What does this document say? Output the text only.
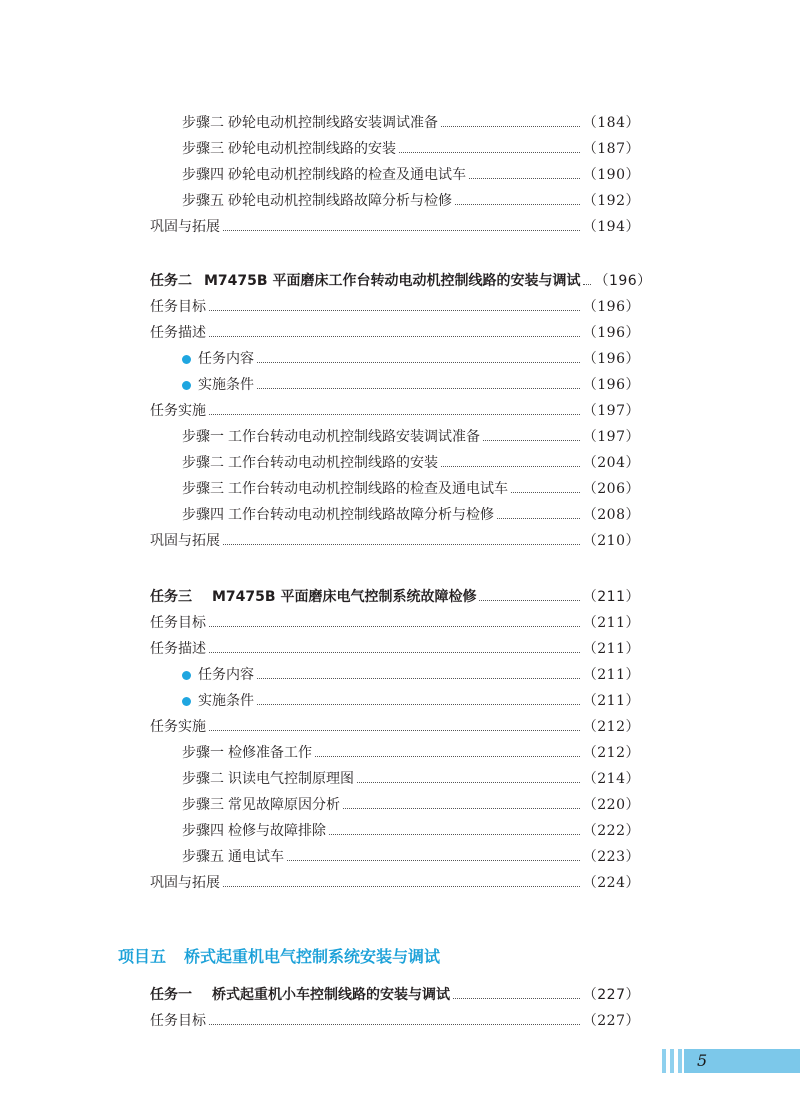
步骤二 砂轮电动机控制线路安装调试准备	（184）
步骤三 砂轮电动机控制线路的安装	（187）
步骤四 砂轮电动机控制线路的检查及通电试车	（190）
步骤五 砂轮电动机控制线路故障分析与检修	（192）
巩固与拓展	（194）
任务二 M7475B 平面磨床工作台转动电动机控制线路的安装与调试 （196）
任务目标	（196）
任务描述	（196）
任务内容	（196）
实施条件	（196）
任务实施	（197）
步骤一 工作台转动电动机控制线路安装调试准备	（197）
步骤二 工作台转动电动机控制线路的安装	（204）
步骤三 工作台转动电动机控制线路的检查及通电试车	（206）
步骤四 工作台转动电动机控制线路故障分析与检修	（208）
巩固与拓展	（210）
任务三	M7475B 平面磨床电气控制系统故障检修	（211）
任务目标	（211）
任务描述	（211）
任务内容	（211）
实施条件	（211）
任务实施	（212）
步骤一 检修准备工作	（212）
步骤二 识读电气控制原理图	（214）
步骤三 常见故障原因分析	（220）
步骤四 检修与故障排除	（222）
步骤五 通电试车	（223）
巩固与拓展	（224）
项目五 桥式起重机电气控制系统安装与调试
任务一	桥式起重机小车控制线路的安装与调试	（227）
任务目标	（227）
5
